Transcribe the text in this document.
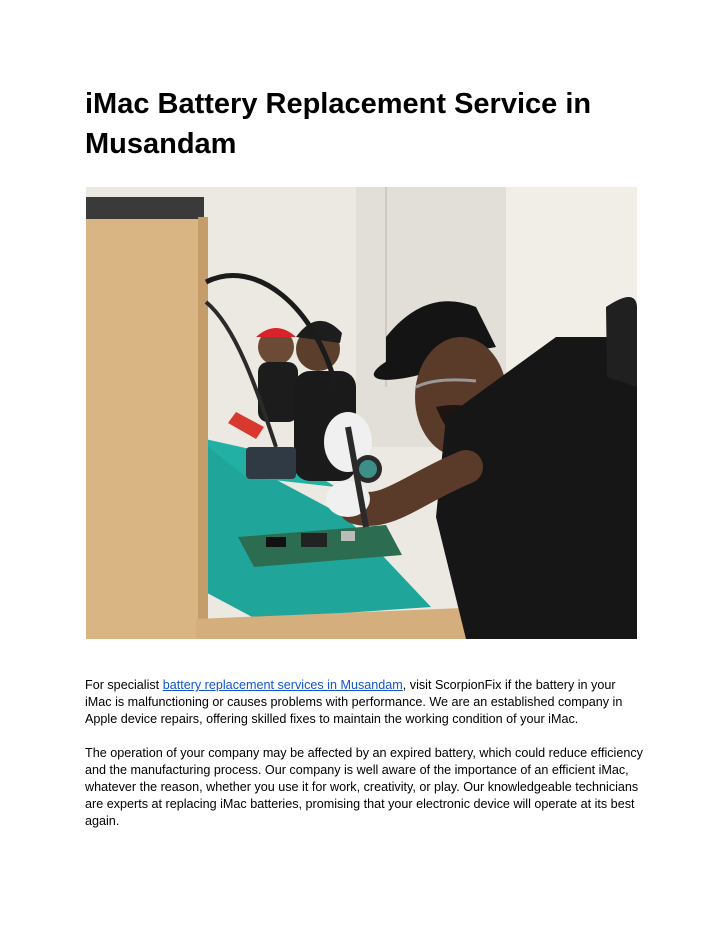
iMac Battery Replacement Service in Musandam

For specialist battery replacement services in Musandam, visit ScorpionFix if the battery in your iMac is malfunctioning or causes problems with performance. We are an established company in Apple device repairs, offering skilled fixes to maintain the working condition of your iMac.

The operation of your company may be affected by an expired battery, which could reduce efficiency and the manufacturing process. Our company is well aware of the importance of an efficient iMac, whatever the reason, whether you use it for work, creativity, or play. Our knowledgeable technicians are experts at replacing iMac batteries, promising that your electronic device will operate at its best again.
